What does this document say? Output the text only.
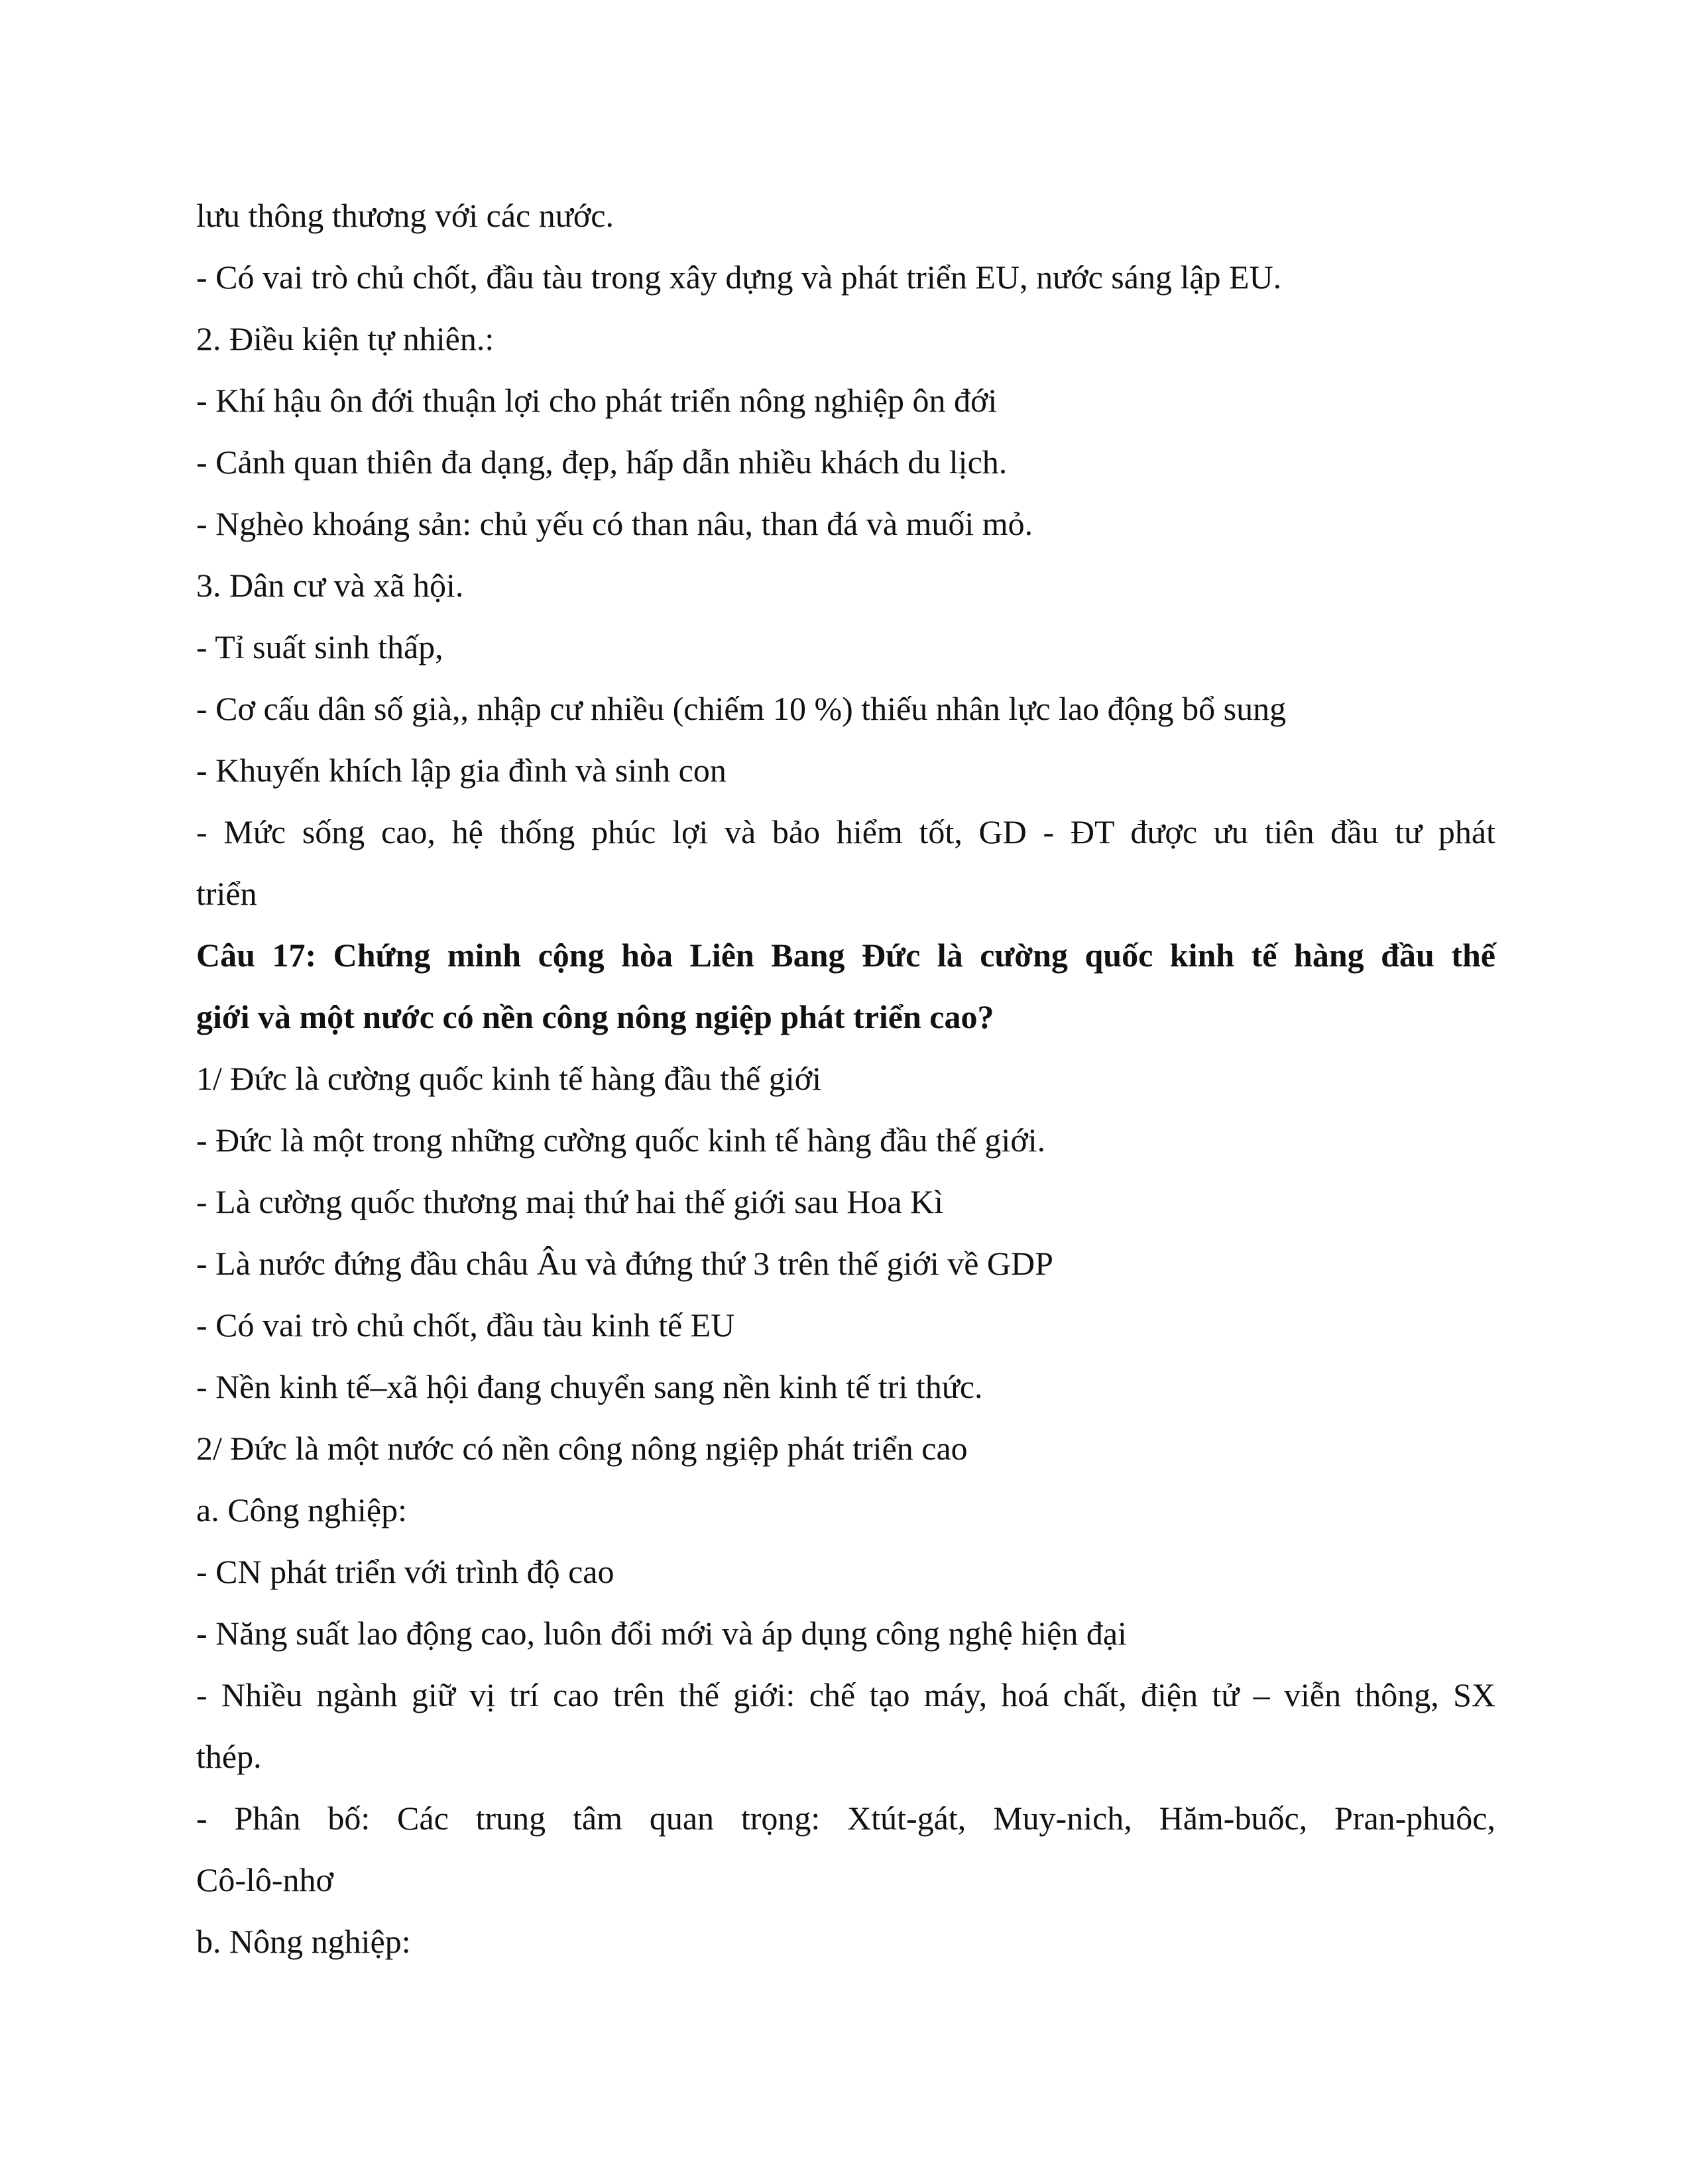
lưu thông thương với các nước.
- Có vai trò chủ chốt, đầu tàu trong xây dựng và phát triển EU, nước sáng lập EU.
2. Điều kiện tự nhiên.:
- Khí hậu ôn đới thuận lợi cho phát triển nông nghiệp ôn đới
- Cảnh quan thiên đa dạng, đẹp, hấp dẫn nhiều khách du lịch.
- Nghèo khoáng sản: chủ yếu có than nâu, than đá và muối mỏ.
3. Dân cư và xã hội.
- Tỉ suất sinh thấp,
- Cơ cấu dân số già,, nhập cư nhiều (chiếm 10 %) thiếu nhân lực lao động bổ sung
- Khuyến khích lập gia đình và sinh con
- Mức sống cao, hệ thống phúc lợi và bảo hiểm tốt, GD - ĐT được ưu tiên đầu tư phát
triển
Câu 17: Chứng minh cộng hòa Liên Bang Đức là cường quốc kinh tế hàng đầu thế
giới và một nước có nền công nông ngiệp phát triển cao?
1/ Đức là cường quốc kinh tế hàng đầu thế giới
- Đức là một trong những cường quốc kinh tế hàng đầu thế giới.
- Là cường quốc thương maị thứ hai thế giới sau Hoa Kì
- Là nước đứng đầu châu Âu và đứng thứ 3 trên thế giới về GDP
- Có vai trò chủ chốt, đầu tàu kinh tế EU
- Nền kinh tế–xã hội đang chuyển sang nền kinh tế tri thức.
2/ Đức là một nước có nền công nông ngiệp phát triển cao
a. Công nghiệp:
- CN phát triển với trình độ cao
- Năng suất lao động cao, luôn đổi mới và áp dụng công nghệ hiện đại
- Nhiều ngành giữ vị trí cao trên thế giới: chế tạo máy, hoá chất, điện tử – viễn thông, SX
thép.
- Phân bố: Các trung tâm quan trọng: Xtút-gát, Muy-nich, Hăm-buốc, Pran-phuôc,
Cô-lô-nhơ
b. Nông nghiệp:
